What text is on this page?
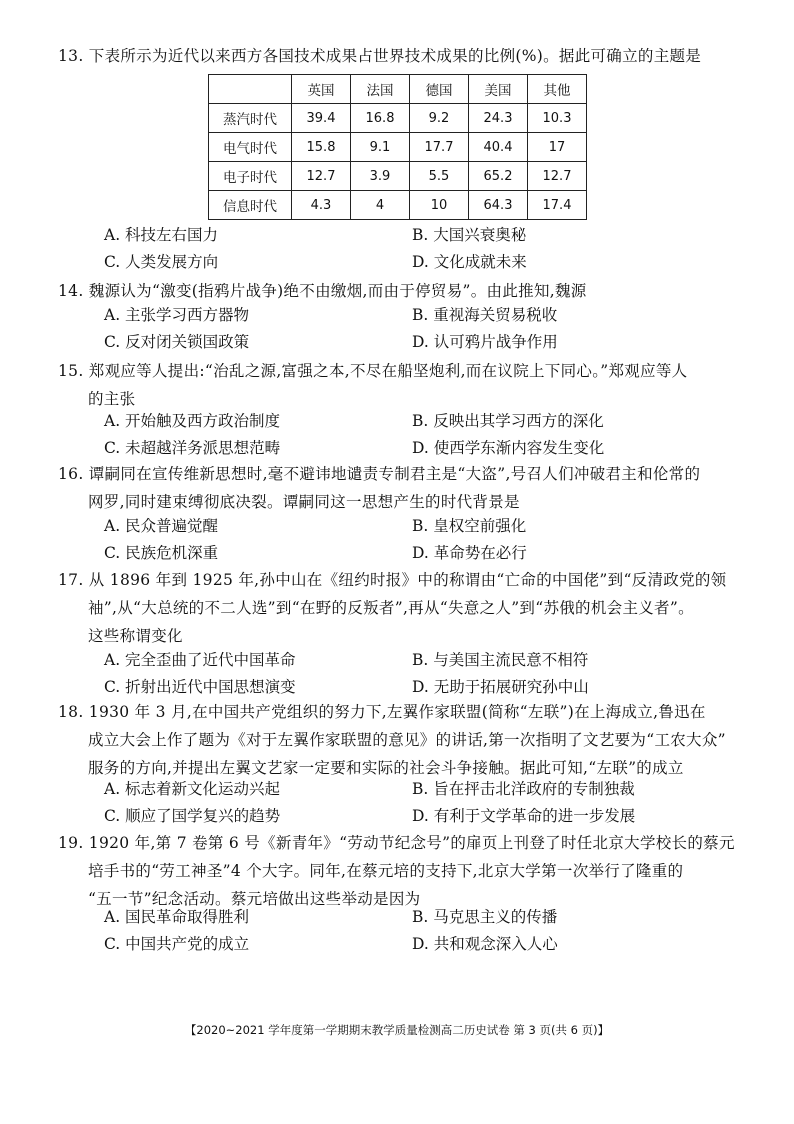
13. 下表所示为近代以来西方各国技术成果占世界技术成果的比例(%)。据此可确立的主题是
	英国	法国	德国	美国	其他
蒸汽时代	39.4	16.8	9.2	24.3	10.3
电气时代	15.8	9.1	17.7	40.4	17
电子时代	12.7	3.9	5.5	65.2	12.7
信息时代	4.3	4	10	64.3	17.4
A. 科技左右国力	B. 大国兴衰奥秘
C. 人类发展方向	D. 文化成就未来
14. 魏源认为“激变(指鸦片战争)绝不由缴烟,而由于停贸易”。由此推知,魏源
A. 主张学习西方器物	B. 重视海关贸易税收
C. 反对闭关锁国政策	D. 认可鸦片战争作用
15. 郑观应等人提出:“治乱之源,富强之本,不尽在船坚炮利,而在议院上下同心。”郑观应等人
的主张
A. 开始触及西方政治制度	B. 反映出其学习西方的深化
C. 未超越洋务派思想范畴	D. 使西学东渐内容发生变化
16. 谭嗣同在宣传维新思想时,毫不避讳地谴责专制君主是“大盗”,号召人们冲破君主和伦常的
网罗,同时建束缚彻底决裂。谭嗣同这一思想产生的时代背景是
A. 民众普遍觉醒	B. 皇权空前强化
C. 民族危机深重	D. 革命势在必行
17. 从 1896 年到 1925 年,孙中山在《纽约时报》中的称谓由“亡命的中国佬”到“反清政党的领
袖”,从“大总统的不二人选”到“在野的反叛者”,再从“失意之人”到“苏俄的机会主义者”。
这些称谓变化
A. 完全歪曲了近代中国革命	B. 与美国主流民意不相符
C. 折射出近代中国思想演变	D. 无助于拓展研究孙中山
18. 1930 年 3 月,在中国共产党组织的努力下,左翼作家联盟(简称“左联”)在上海成立,鲁迅在
成立大会上作了题为《对于左翼作家联盟的意见》的讲话,第一次指明了文艺要为“工农大众”
服务的方向,并提出左翼文艺家一定要和实际的社会斗争接触。据此可知,“左联”的成立
A. 标志着新文化运动兴起	B. 旨在抨击北洋政府的专制独裁
C. 顺应了国学复兴的趋势	D. 有利于文学革命的进一步发展
19. 1920 年,第 7 卷第 6 号《新青年》“劳动节纪念号”的扉页上刊登了时任北京大学校长的蔡元
培手书的“劳工神圣”4 个大字。同年,在蔡元培的支持下,北京大学第一次举行了隆重的
“五一节”纪念活动。蔡元培做出这些举动是因为
A. 国民革命取得胜利	B. 马克思主义的传播
C. 中国共产党的成立	D. 共和观念深入人心
【2020~2021 学年度第一学期期末教学质量检测高二历史试卷 第 3 页(共 6 页)】
